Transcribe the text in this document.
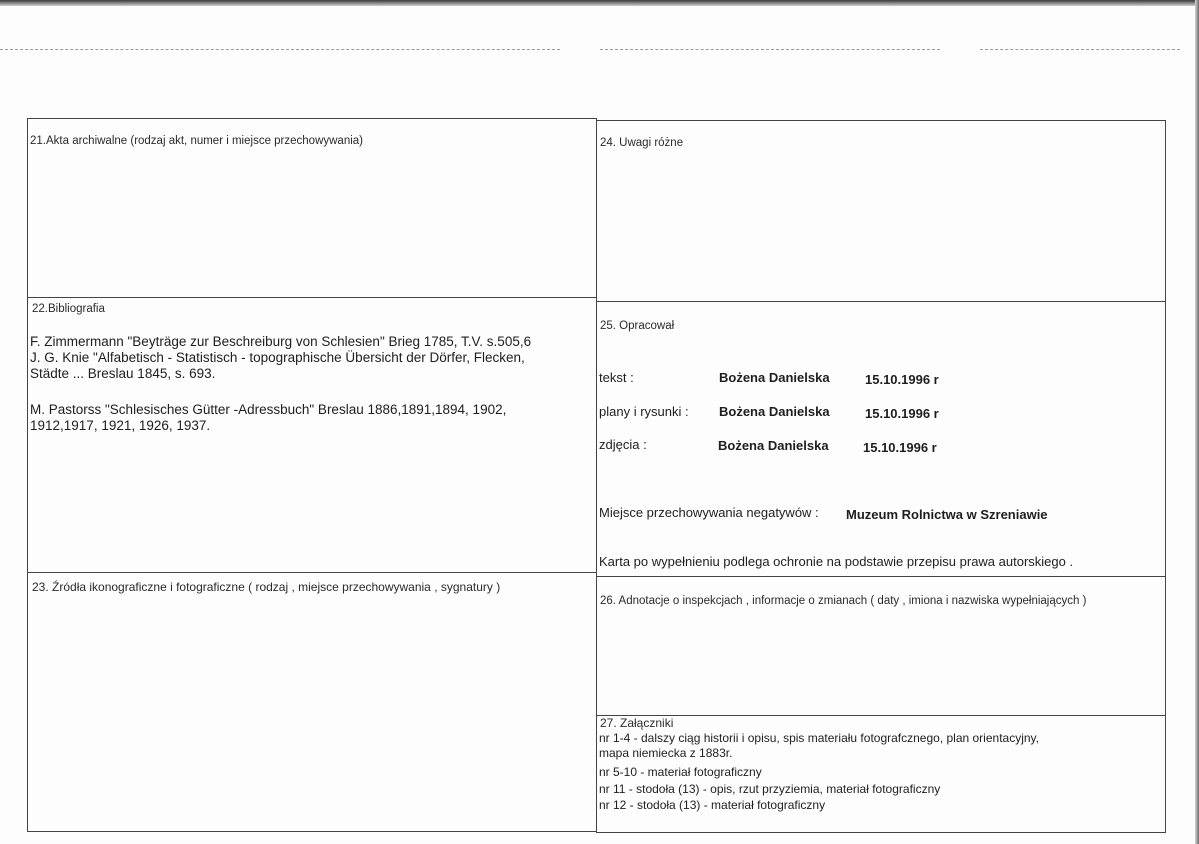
21.Akta archiwalne (rodzaj akt, numer i miejsce przechowywania)
22.Bibliografia
F. Zimmermann "Beyträge zur Beschreiburg von Schlesien" Brieg 1785, T.V. s.505,6
J. G. Knie "Alfabetisch - Statistisch - topographische Übersicht der Dörfer, Flecken,
Städte ... Breslau 1845, s. 693.
M. Pastorss "Schlesisches Gütter -Adressbuch" Breslau 1886,1891,1894, 1902,
1912,1917, 1921, 1926, 1937.
23. Źródła ikonograficzne i fotograficzne ( rodzaj , miejsce przechowywania , sygnatury )
24. Uwagi różne
25. Opracował
tekst :	Bożena Danielska	15.10.1996 r
plany i rysunki : Bożena Danielska	15.10.1996 r
zdjęcia :	Bożena Danielska	15.10.1996 r
Miejsce przechowywania negatywów : Muzeum Rolnictwa w Szreniawie
Karta po wypełnieniu podlega ochronie na podstawie przepisu prawa autorskiego .
26. Adnotacje o inspekcjach , informacje o zmianach ( daty , imiona i nazwiska wypełniających )
27. Załączniki
nr 1-4 - dalszy ciąg historii i opisu, spis materiału fotografcznego, plan orientacyjny,
mapa niemiecka z 1883r.
nr 5-10 - materiał fotograficzny
nr 11 - stodoła (13) - opis, rzut przyziemia, materiał fotograficzny
nr 12 - stodoła (13) - materiał fotograficzny
